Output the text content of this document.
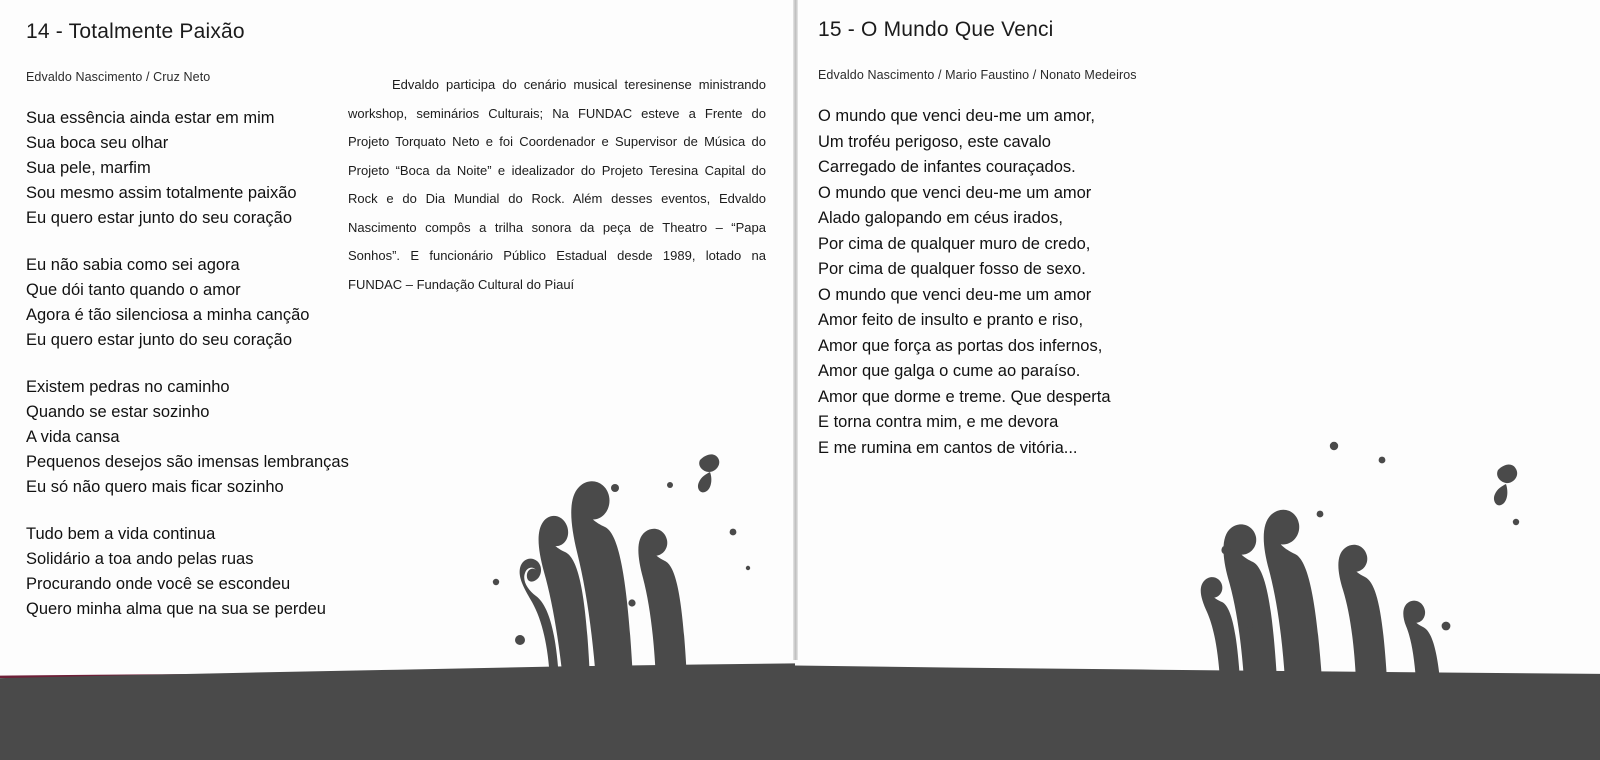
14 - Totalmente Paixão
Edvaldo Nascimento / Cruz Neto
Sua essência ainda estar em mim
Sua boca seu olhar
Sua pele, marfim
Sou mesmo assim totalmente paixão
Eu quero estar junto do seu coração
Eu não sabia como sei agora
Que dói tanto quando o amor
Agora é tão silenciosa a minha canção
Eu quero estar junto do seu coração
Existem pedras no caminho
Quando se estar sozinho
A vida cansa
Pequenos desejos são imensas lembranças
Eu só não quero mais ficar sozinho
Tudo bem a vida continua
Solidário a toa ando pelas ruas
Procurando onde você se escondeu
Quero minha alma que na sua se perdeu

Edvaldo participa do cenário musical teresinense ministrando workshop, seminários Culturais; Na FUNDAC esteve a Frente do Projeto Torquato Neto e foi Coordenador e Supervisor de Música do Projeto “Boca da Noite” e idealizador do Projeto Teresina Capital do Rock e do Dia Mundial do Rock. Além desses eventos, Edvaldo Nascimento compôs a trilha sonora da peça de Theatro – “Papa Sonhos”. E funcionário Público Estadual desde 1989, lotado na FUNDAC – Fundação Cultural do Piauí

15 - O Mundo Que Venci
Edvaldo Nascimento / Mario Faustino / Nonato Medeiros
O mundo que venci deu-me um amor,
Um troféu perigoso, este cavalo
Carregado de infantes couraçados.
O mundo que venci deu-me um amor
Alado galopando em céus irados,
Por cima de qualquer muro de credo,
Por cima de qualquer fosso de sexo.
O mundo que venci deu-me um amor
Amor feito de insulto e pranto e riso,
Amor que força as portas dos infernos,
Amor que galga o cume ao paraíso.
Amor que dorme e treme. Que desperta
E torna contra mim, e me devora
E me rumina em cantos de vitória...
